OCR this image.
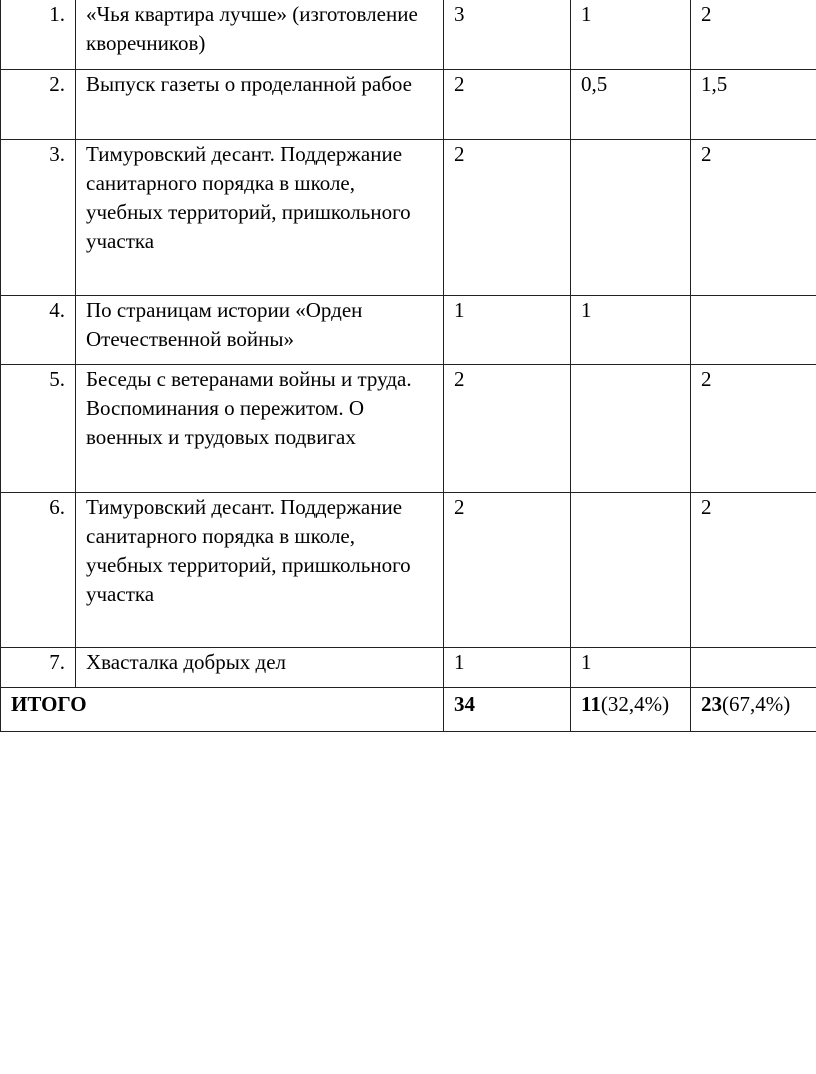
1.	«Чья квартира лучше» (изготовление кворечников)	3	1	2
2.	Выпуск газеты о проделанной рабое	2	0,5	1,5
3.	Тимуровский десант. Поддержание санитарного порядка в школе, учебных территорий, пришкольного участка	2		2
4.	По страницам истории «Орден Отечественной войны»	1	1	
5.	Беседы с ветеранами войны и труда. Воспоминания о пережитом. О военных и трудовых подвигах	2		2
6.	Тимуровский десант. Поддержание санитарного порядка в школе, учебных территорий, пришкольного участка	2		2
7.	Хвасталка добрых дел	1	1	
ИТОГО		34	11(32,4%)	23(67,4%)
